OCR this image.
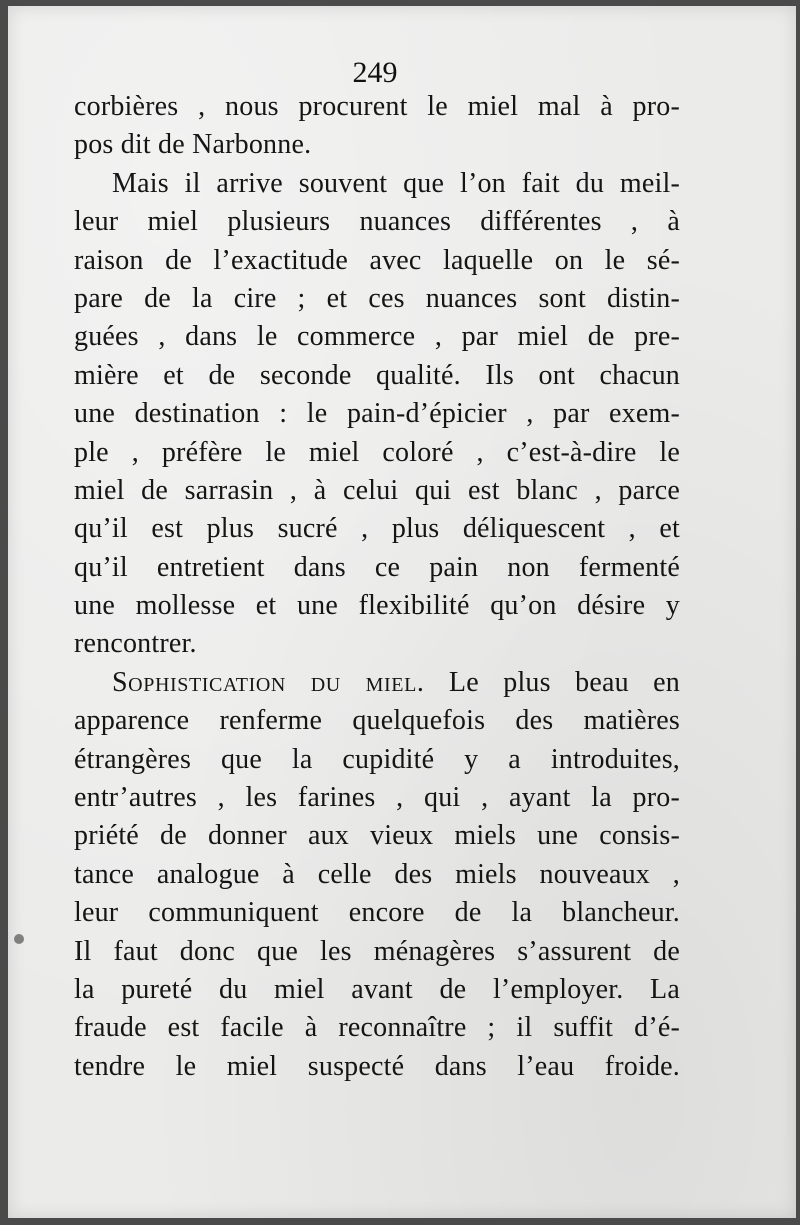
249
corbières , nous procurent le miel mal à pro-
pos dit de Narbonne.
Mais il arrive souvent que l’on fait du meil-
leur miel plusieurs nuances différentes , à
raison de l’exactitude avec laquelle on le sé-
pare de la cire ; et ces nuances sont distin-
guées , dans le commerce , par miel de pre-
mière et de seconde qualité. Ils ont chacun
une destination : le pain-d’épicier , par exem-
ple , préfère le miel coloré , c’est-à-dire le
miel de sarrasin , à celui qui est blanc , parce
qu’il est plus sucré , plus déliquescent , et
qu’il entretient dans ce pain non fermenté
une mollesse et une flexibilité qu’on désire y
rencontrer.
Sophistication du miel. Le plus beau en
apparence renferme quelquefois des matières
étrangères que la cupidité y a introduites,
entr’autres , les farines , qui , ayant la pro-
priété de donner aux vieux miels une consis-
tance analogue à celle des miels nouveaux ,
leur communiquent encore de la blancheur.
Il faut donc que les ménagères s’assurent de
la pureté du miel avant de l’employer. La
fraude est facile à reconnaître ; il suffit d’é-
tendre le miel suspecté dans l’eau froide.
